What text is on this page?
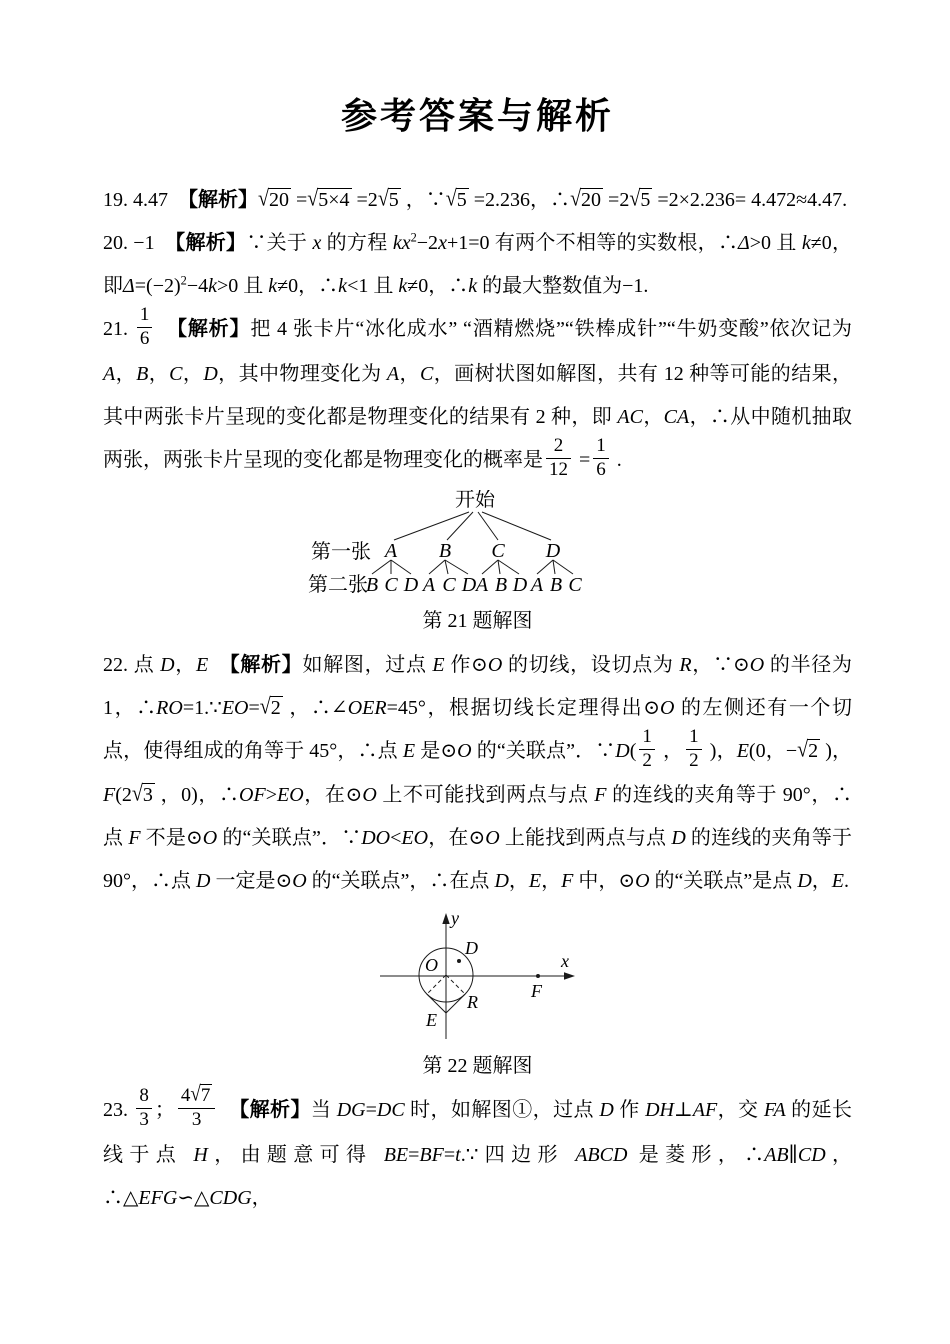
参考答案与解析

19. 4.47　【解析】√20 =√5×4 =2√5 ，∵√5 =2.236，∴√20 =2√5 =2×2.236= 4.472≈4.47.

20. −1　【解析】∵关于 x 的方程 $kx^2-2x+1=0$ 有两个不相等的实数根，∴Δ>0 且 k≠0，即$\Delta=(-2)^2-4k>0$ 且 k≠0，∴k<1 且 k≠0，∴k 的最大整数值为−1.

21. $\frac{1}{6}$
　 【解析】把 4 张卡片“冰化成水” “酒精燃烧”“铁棒成针”“牛奶变酸”依次记为 A，B，C，D，其中物理变化为 A，C，画树状图如解图，共有 12 种等可能的结果，其中两张卡片呈现的变化都是物理变化的结果有 2 种，即 AC，CA，∴从中随机抽取两张，两张卡片呈现的变化都是物理变化的概率是 $\frac{2}{12} = \frac{1}{6}$ .

开始
第一张
第二张
A B C D
B C D A C D A B D A B C
第 21 题解图

22. 点 D，E　 【解析】如解图，过点 E 作⊙O 的切线，设切点为 R，∵⊙O 的半径为 1，∴RO=1.∵EO=√2 ，∴∠OER=45°，根据切线长定理得出⊙O 的左侧还有一个切点，使得组成的角等于 45°，∴点 E 是⊙O 的“关联点”．∵D( $\frac{1}{2}$ ， $\frac{1}{2}$ )，E(0，−√2 )，F(2√3 ，0)，∴OF>EO，在⊙O 上不可能找到两点与点 F 的连线的夹角等于 90°，∴点 F 不是⊙O 的“关联点”．∵DO<EO，在⊙O 上能找到两点与点 D 的连线的夹角等于 90°，∴点 D 一定是⊙O 的“关联点”，∴在点 D，E，F 中，⊙O 的“关联点”是点 D，E.

O
D
R
E
F
x
y
第 22 题解图

23. $\frac{8}{3}$ ； $\frac{4√7}{3}$
　 【解析】当 DG=DC 时，如解图①，过点 D 作 DH⊥AF，交 FA 的延长线于点 H，由题意可得 BE=BF=t.∵四边形 ABCD 是菱形，∴AB∥CD，∴△EFG∽△CDG，
